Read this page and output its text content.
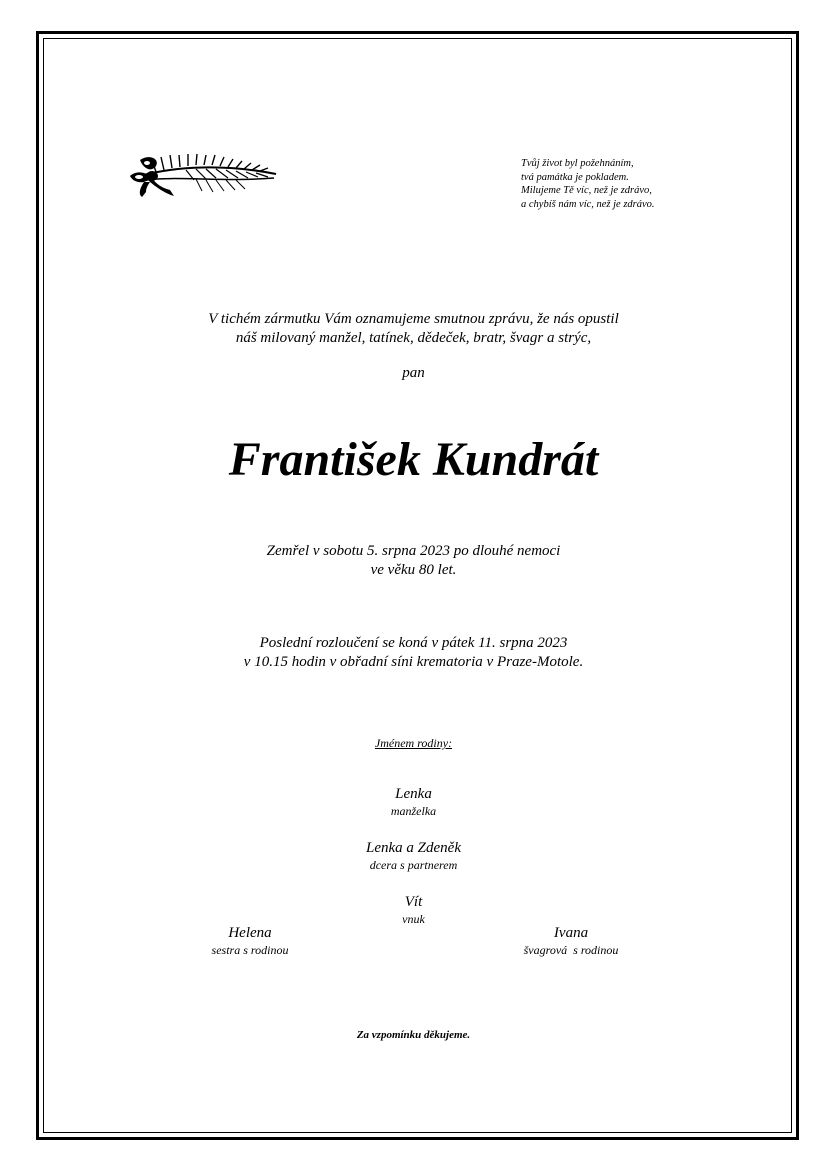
Tvůj život byl požehnáním,
tvá památka je pokladem.
Milujeme Tě víc, než je zdrávo,
a chybíš nám víc, než je zdrávo.
V tichém zármutku Vám oznamujeme smutnou zprávu, že nás opustil
náš milovaný manžel, tatínek, dědeček, bratr, švagr a strýc,
pan
František Kundrát
Zemřel v sobotu 5. srpna 2023 po dlouhé nemoci
ve věku 80 let.
Poslední rozloučení se koná v pátek 11. srpna 2023
v 10.15 hodin v obřadní síni krematoria v Praze-Motole.
Jménem rodiny:
Lenka
manželka
Lenka a Zdeněk
dcera s partnerem
Vít
vnuk
Helena
sestra s rodinou
Ivana
švagrová  s rodinou
Za vzpomínku děkujeme.
